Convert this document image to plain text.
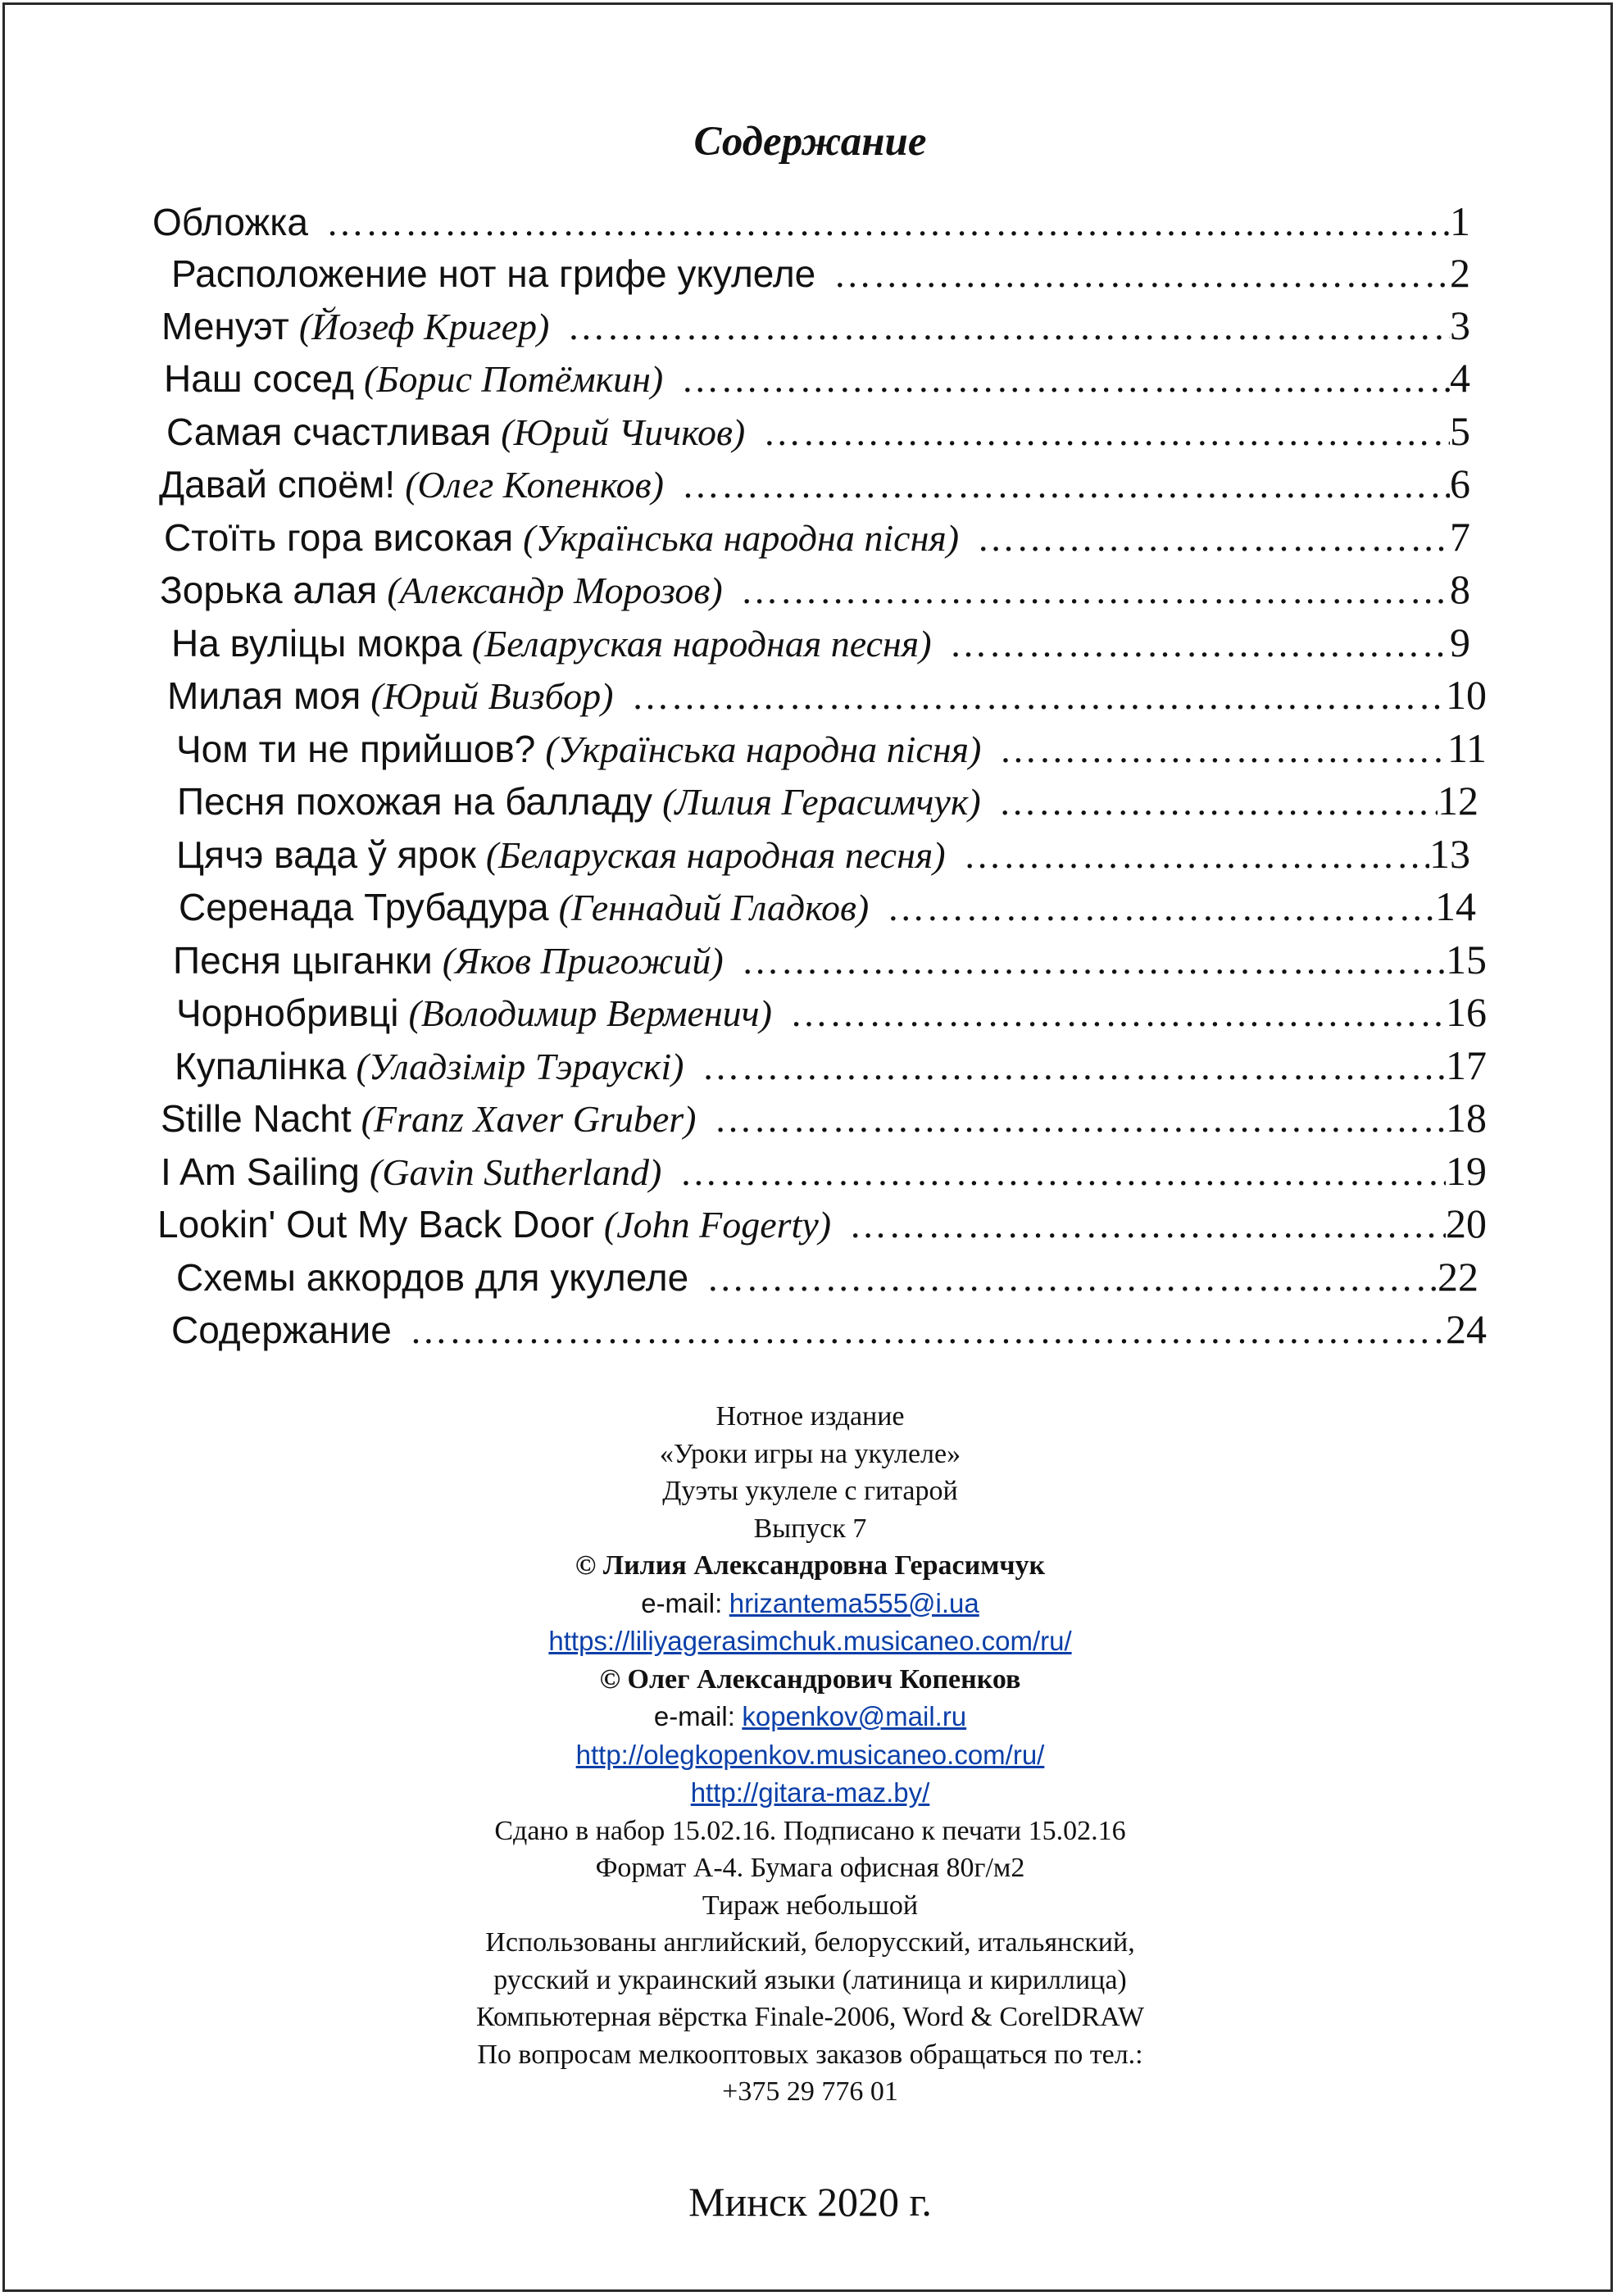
Содержание
Обложка …………………………………………………………………………………………………………………………………	1
Расположение нот на грифе укулеле …………………………………………………………………………………………………………………………………	2
Менуэт (Йозеф Кригер) …………………………………………………………………………………………………………………………………	3
Наш сосед (Борис Потёмкин) …………………………………………………………………………………………………………………………………	4
Самая счастливая (Юрий Чичков) …………………………………………………………………………………………………………………………………	5
Давай споём! (Олег Копенков) …………………………………………………………………………………………………………………………………	6
Стоїть гора високая (Українська народна пісня) …………………………………………………………………………………………………………………………………	7
Зорька алая (Александр Морозов) …………………………………………………………………………………………………………………………………	8
На вуліцы мокра (Беларуская народная песня) …………………………………………………………………………………………………………………………………	9
Милая моя (Юрий Визбор) …………………………………………………………………………………………………………………………………	10
Чом ти не прийшов? (Українська народна пісня) …………………………………………………………………………………………………………………………………	11
Песня похожая на балладу (Лилия Герасимчук) …………………………………………………………………………………………………………………………………	12
Цячэ вада ў ярок (Беларуская народная песня) …………………………………………………………………………………………………………………………………	13
Серенада Трубадура (Геннадий Гладков) …………………………………………………………………………………………………………………………………	14
Песня цыганки (Яков Пригожий) …………………………………………………………………………………………………………………………………	15
Чорнобривці (Володимир Верменич) …………………………………………………………………………………………………………………………………	16
Купалінка (Уладзімір Тэраускі) …………………………………………………………………………………………………………………………………	17
Stille Nacht (Franz Xaver Gruber) …………………………………………………………………………………………………………………………………	18
I Am Sailing (Gavin Sutherland) …………………………………………………………………………………………………………………………………	19
Lookin' Out My Back Door (John Fogerty) …………………………………………………………………………………………………………………………………	20
Схемы аккордов для укулеле …………………………………………………………………………………………………………………………………	22
Содержание …………………………………………………………………………………………………………………………………	24
Нотное издание
«Уроки игры на укулеле»
Дуэты укулеле с гитарой
Выпуск 7
© Лилия Александровна Герасимчук
e-mail: hrizantema555@i.ua
https://liliyagerasimchuk.musicaneo.com/ru/
© Олег Александрович Копенков
e-mail: kopenkov@mail.ru
http://olegkopenkov.musicaneo.com/ru/
http://gitara-maz.by/
Сдано в набор 15.02.16. Подписано к печати 15.02.16
Формат А-4. Бумага офисная 80г/м2
Тираж небольшой
Использованы английский, белорусский, итальянский,
русский и украинский языки (латиница и кириллица)
Компьютерная вёрстка Finale-2006, Word & CorelDRAW
По вопросам мелкооптовых заказов обращаться по тел.:
+375 29 776 01
Минск 2020 г.
